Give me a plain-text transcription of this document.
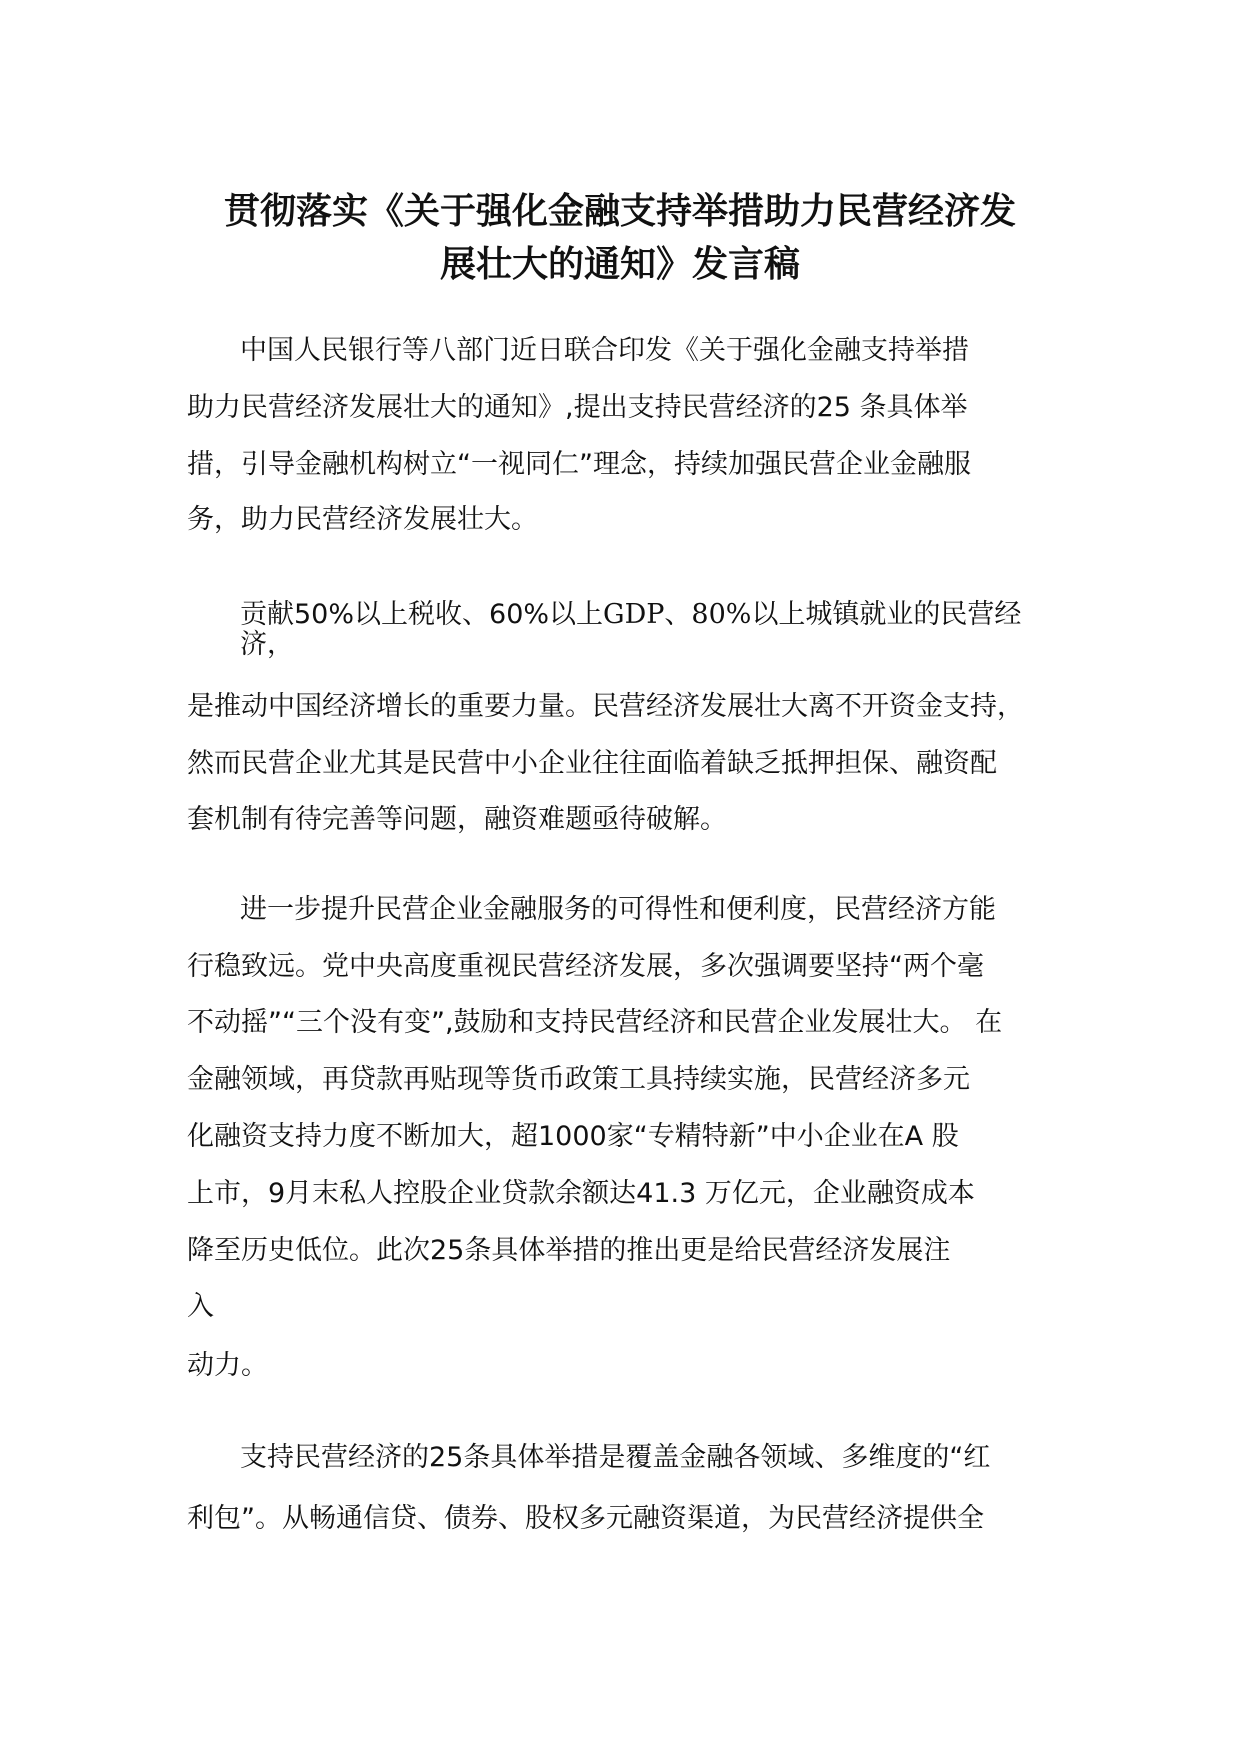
贯彻落实《关于强化金融支持举措助力民营经济发
展壮大的通知》发言稿
中国人民银行等八部门近日联合印发《关于强化金融支持举措
助力民营经济发展壮大的通知》,提出支持民营经济的25 条具体举
措，引导金融机构树立“一视同仁”理念，持续加强民营企业金融服
务，助力民营经济发展壮大。
贡献50%以上税收、60%以上GDP、80%以上城镇就业的民营经
济，
是推动中国经济增长的重要力量。民营经济发展壮大离不开资金支持，
然而民营企业尤其是民营中小企业往往面临着缺乏抵押担保、融资配
套机制有待完善等问题，融资难题亟待破解。
进一步提升民营企业金融服务的可得性和便利度，民营经济方能
行稳致远。党中央高度重视民营经济发展，多次强调要坚持“两个毫
不动摇”“三个没有变”,鼓励和支持民营经济和民营企业发展壮大。 在
金融领域，再贷款再贴现等货币政策工具持续实施，民营经济多元
化融资支持力度不断加大，超1000家“专精特新”中小企业在A 股
上市，9月末私人控股企业贷款余额达41.3 万亿元，企业融资成本
降至历史低位。此次25条具体举措的推出更是给民营经济发展注
入
动力。
支持民营经济的25条具体举措是覆盖金融各领域、多维度的“红
利包”。从畅通信贷、债券、股权多元融资渠道，为民营经济提供全
